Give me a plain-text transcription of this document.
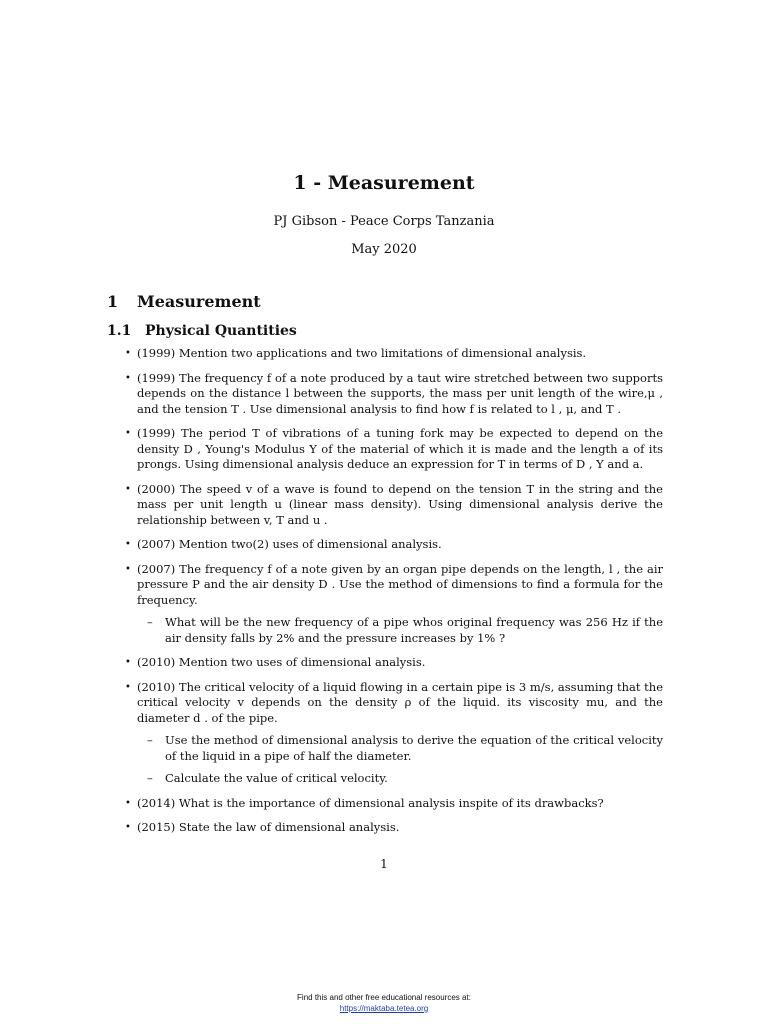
1 - Measurement
PJ Gibson - Peace Corps Tanzania
May 2020
1 Measurement
1.1 Physical Quantities
• (1999) Mention two applications and two limitations of dimensional analysis.
• (1999) The frequency f of a note produced by a taut wire stretched between two supports depends on the distance l between the supports, the mass per unit length of the wire,μ , and the tension T . Use dimensional analysis to find how f is related to l , μ, and T .
• (1999) The period T of vibrations of a tuning fork may be expected to depend on the density D , Young's Modulus Y of the material of which it is made and the length a of its prongs. Using dimensional analysis deduce an expression for T in terms of D , Y and a.
• (2000) The speed v of a wave is found to depend on the tension T in the string and the mass per unit length u (linear mass density). Using dimensional analysis derive the relationship between v, T and u .
• (2007) Mention two(2) uses of dimensional analysis.
• (2007) The frequency f of a note given by an organ pipe depends on the length, l , the air pressure P and the air density D . Use the method of dimensions to find a formula for the frequency.
– What will be the new frequency of a pipe whos original frequency was 256 Hz if the air density falls by 2% and the pressure increases by 1% ?
• (2010) Mention two uses of dimensional analysis.
• (2010) The critical velocity of a liquid flowing in a certain pipe is 3 m/s, assuming that the critical velocity v depends on the density ρ of the liquid. its viscosity mu, and the diameter d . of the pipe.
– Use the method of dimensional analysis to derive the equation of the critical velocity of the liquid in a pipe of half the diameter.
– Calculate the value of critical velocity.
• (2014) What is the importance of dimensional analysis inspite of its drawbacks?
• (2015) State the law of dimensional analysis.
1
Find this and other free educational resources at:
https://maktaba.tetea.org
